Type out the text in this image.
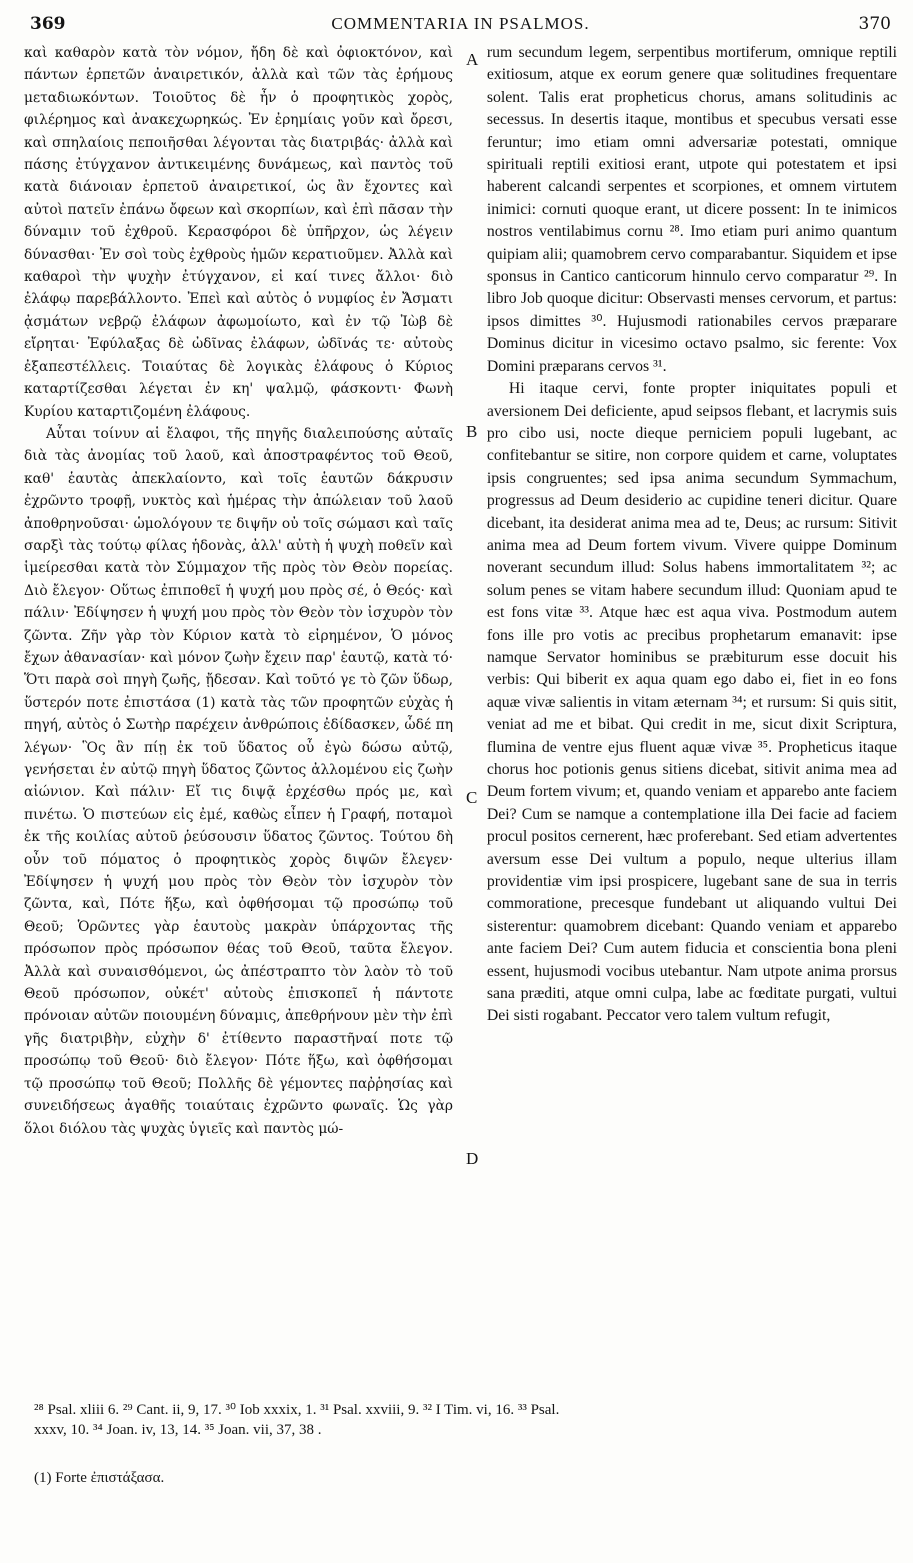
369	COMMENTARIA IN PSALMOS.	370

καὶ καθαρὸν κατὰ τὸν νόμον, ἤδη δὲ καὶ ὀφιοκτόνον, καὶ πάντων ἑρπετῶν ἀναιρετικόν, ἀλλὰ καὶ τῶν τὰς ἐρήμους μεταδιωκόντων. Τοιοῦτος δὲ ἦν ὁ προφητικὸς χορὸς, φιλέρημος καὶ ἀνακεχωρηκώς. Ἐν ἐρημίαις γοῦν καὶ ὄρεσι, καὶ σπηλαίοις πεποιῆσθαι λέγονται τὰς διατριβάς· ἀλλὰ καὶ πάσης ἐτύγχανον ἀντικειμένης δυνάμεως, καὶ παντὸς τοῦ κατὰ διάνοιαν ἑρπετοῦ ἀναιρετικοί, ὡς ἂν ἔχοντες καὶ αὐτοὶ πατεῖν ἐπάνω ὄφεων καὶ σκορπίων, καὶ ἐπὶ πᾶσαν τὴν δύναμιν τοῦ ἐχθροῦ. Κερασφόροι δὲ ὑπῆρχον, ὡς λέγειν δύνασθαι· Ἐν σοὶ τοὺς ἐχθροὺς ἡμῶν κερατιοῦμεν. Ἀλλὰ καὶ καθαροὶ τὴν ψυχὴν ἐτύγχανον, εἰ καί τινες ἄλλοι· διὸ ἐλάφῳ παρεβάλλοντο. Ἐπεὶ καὶ αὐτὸς ὁ νυμφίος ἐν Ἄσματι ᾀσμάτων νεβρῷ ἐλάφων ἀφωμοίωτο, καὶ ἐν τῷ Ἰὼβ δὲ εἴρηται· Ἐφύλαξας δὲ ὠδῖνας ἐλάφων, ὠδῖνάς τε· αὐτοὺς ἐξαπεστέλλεις. Τοιαύτας δὲ λογικὰς ἐλάφους ὁ Κύριος καταρτίζεσθαι λέγεται ἐν κη' ψαλμῷ, φάσκοντι· Φωνὴ Κυρίου καταρτιζομένη ἐλάφους.

Αὗται τοίνυν αἱ ἔλαφοι, τῆς πηγῆς διαλειπούσης αὐταῖς διὰ τὰς ἀνομίας τοῦ λαοῦ, καὶ ἀποστραφέντος τοῦ Θεοῦ, καθ' ἑαυτὰς ἀπεκλαίοντο, καὶ τοῖς ἑαυτῶν δάκρυσιν ἐχρῶντο τροφῇ, νυκτὸς καὶ ἡμέρας τὴν ἀπώλειαν τοῦ λαοῦ ἀποθρηνοῦσαι· ὡμολόγουν τε διψῆν οὐ τοῖς σώμασι καὶ ταῖς σαρξὶ τὰς τούτῳ φίλας ἡδονὰς, ἀλλ' αὐτὴ ἡ ψυχὴ ποθεῖν καὶ ἱμείρεσθαι κατὰ τὸν Σύμμαχον τῆς πρὸς τὸν Θεὸν πορείας. Διὸ ἔλεγον· Οὕτως ἐπιποθεῖ ἡ ψυχή μου πρὸς σέ, ὁ Θεός· καὶ πάλιν· Ἐδίψησεν ἡ ψυχή μου πρὸς τὸν Θεὸν τὸν ἰσχυρὸν τὸν ζῶντα. Ζῆν γὰρ τὸν Κύριον κατὰ τὸ εἰρημένον, Ὁ μόνος ἔχων ἀθανασίαν· καὶ μόνον ζωὴν ἔχειν παρ' ἑαυτῷ, κατὰ τό· Ὅτι παρὰ σοὶ πηγὴ ζωῆς, ᾔδεσαν. Καὶ τοῦτό γε τὸ ζῶν ὕδωρ, ὕστερόν ποτε ἐπιστάσα (1) κατὰ τὰς τῶν προφητῶν εὐχὰς ἡ πηγή, αὐτὸς ὁ Σωτὴρ παρέχειν ἀνθρώποις ἐδίδασκεν, ὧδέ πη λέγων· Ὃς ἂν πίῃ ἐκ τοῦ ὕδατος οὗ ἐγὼ δώσω αὐτῷ, γενήσεται ἐν αὐτῷ πηγὴ ὕδατος ζῶντος ἀλλομένου εἰς ζωὴν αἰώνιον. Καὶ πάλιν· Εἴ τις διψᾷ ἐρχέσθω πρός με, καὶ πινέτω. Ὁ πιστεύων εἰς ἐμέ, καθὼς εἶπεν ἡ Γραφή, ποταμοὶ ἐκ τῆς κοιλίας αὐτοῦ ῥεύσουσιν ὕδατος ζῶντος. Τούτου δὴ οὖν τοῦ πόματος ὁ προφητικὸς χορὸς διψῶν ἔλεγεν· Ἐδίψησεν ἡ ψυχή μου πρὸς τὸν Θεὸν τὸν ἰσχυρὸν τὸν ζῶντα, καὶ, Πότε ἥξω, καὶ ὀφθήσομαι τῷ προσώπῳ τοῦ Θεοῦ; Ὁρῶντες γὰρ ἑαυτοὺς μακρὰν ὑπάρχοντας τῆς πρόσωπον πρὸς πρόσωπον θέας τοῦ Θεοῦ, ταῦτα ἔλεγον. Ἀλλὰ καὶ συναισθόμενοι, ὡς ἀπέστραπτο τὸν λαὸν τὸ τοῦ Θεοῦ πρόσωπον, οὐκέτ' αὐτοὺς ἐπισκοπεῖ ἡ πάντοτε πρόνοιαν αὐτῶν ποιουμένη δύναμις, ἀπεθρήνουν μὲν τὴν ἐπὶ γῆς διατριβὴν, εὐχὴν δ' ἐτίθεντο παραστῆναί ποτε τῷ προσώπῳ τοῦ Θεοῦ· διὸ ἔλεγον· Πότε ἥξω, καὶ ὀφθήσομαι τῷ προσώπῳ τοῦ Θεοῦ; Πολλῆς δὲ γέμοντες παῤῥησίας καὶ συνειδήσεως ἀγαθῆς τοιαύταις ἐχρῶντο φωναῖς. Ὡς γὰρ ὅλοι διόλου τὰς ψυχὰς ὑγιεῖς καὶ παντὸς μώ-

A
B
C
D

rum secundum legem, serpentibus mortiferum, omnique reptili exitiosum, atque ex eorum genere quæ solitudines frequentare solent. Talis erat propheticus chorus, amans solitudinis ac secessus. In desertis itaque, montibus et specubus versati esse feruntur; imo etiam omni adversariæ potestati, omnique spirituali reptili exitiosi erant, utpote qui potestatem et ipsi haberent calcandi serpentes et scorpiones, et omnem virtutem inimici: cornuti quoque erant, ut dicere possent: In te inimicos nostros ventilabimus cornu ²⁸. Imo etiam puri animo quantum quipiam alii; quamobrem cervo comparabantur. Siquidem et ipse sponsus in Cantico canticorum hinnulo cervo comparatur ²⁹. In libro Job quoque dicitur: Observasti menses cervorum, et partus: ipsos dimittes ³⁰. Hujusmodi rationabiles cervos præparare Dominus dicitur in vicesimo octavo psalmo, sic ferente: Vox Domini præparans cervos ³¹.

Hi itaque cervi, fonte propter iniquitates populi et aversionem Dei deficiente, apud seipsos flebant, et lacrymis suis pro cibo usi, nocte dieque perniciem populi lugebant, ac confitebantur se sitire, non corpore quidem et carne, voluptates ipsis congruentes; sed ipsa anima secundum Symmachum, progressus ad Deum desiderio ac cupidine teneri dicitur. Quare dicebant, ita desiderat anima mea ad te, Deus; ac rursum: Sitivit anima mea ad Deum fortem vivum. Vivere quippe Dominum noverant secundum illud: Solus habens immortalitatem ³²; ac solum penes se vitam habere secundum illud: Quoniam apud te est fons vitæ ³³. Atque hæc est aqua viva. Postmodum autem fons ille pro votis ac precibus prophetarum emanavit: ipse namque Servator hominibus se præbiturum esse docuit his verbis: Qui biberit ex aqua quam ego dabo ei, fiet in eo fons aquæ vivæ salientis in vitam æternam ³⁴; et rursum: Si quis sitit, veniat ad me et bibat. Qui credit in me, sicut dixit Scriptura, flumina de ventre ejus fluent aquæ vivæ ³⁵. Propheticus itaque chorus hoc potionis genus sitiens dicebat, sitivit anima mea ad Deum fortem vivum; et, quando veniam et apparebo ante faciem Dei? Cum se namque a contemplatione illa Dei facie ad faciem procul positos cernerent, hæc proferebant. Sed etiam advertentes aversum esse Dei vultum a populo, neque ulterius illam providentiæ vim ipsi prospicere, lugebant sane de sua in terris commoratione, precesque fundebant ut aliquando vultui Dei sisterentur: quamobrem dicebant: Quando veniam et apparebo ante faciem Dei? Cum autem fiducia et conscientia bona pleni essent, hujusmodi vocibus utebantur. Nam utpote anima prorsus sana præditi, atque omni culpa, labe ac fœditate purgati, vultui Dei sisti rogabant. Peccator vero talem vultum refugit,

²⁸ Psal. xliii 6. ²⁹ Cant. ii, 9, 17. ³⁰ Iob xxxix, 1. ³¹ Psal. xxviii, 9. ³² I Tim. vi, 16. ³³ Psal.
xxxv, 10. ³⁴ Joan. iv, 13, 14. ³⁵ Joan. vii, 37, 38 .
(1) Forte ἐπιστάξασα.
